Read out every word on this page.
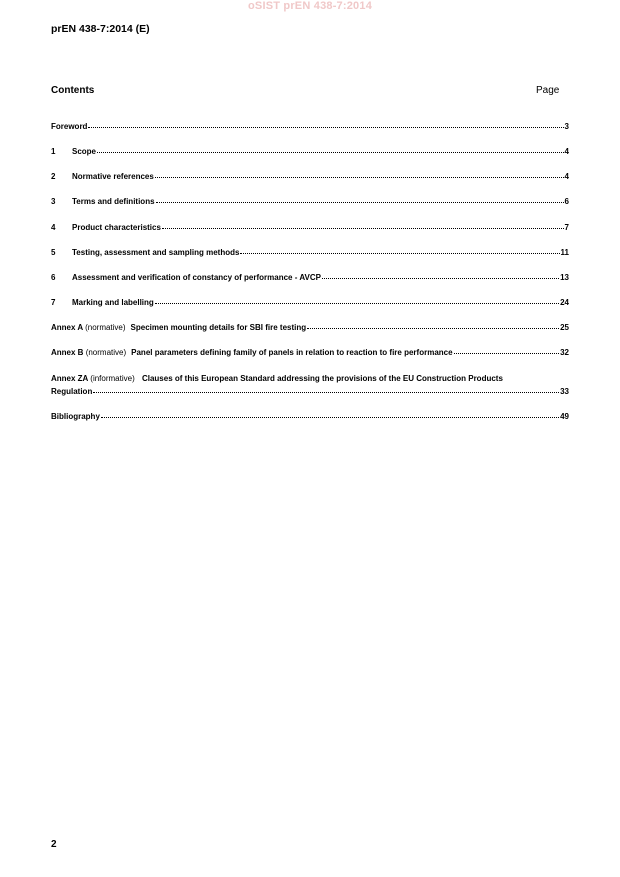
oSIST prEN 438-7:2014
prEN 438-7:2014 (E)
Contents	Page
Foreword	3
1	Scope	4
2	Normative references	4
3	Terms and definitions	6
4	Product characteristics	7
5	Testing, assessment and sampling methods	11
6	Assessment and verification of constancy of performance - AVCP	13
7	Marking and labelling	24
Annex A (normative) Specimen mounting details for SBI fire testing	25
Annex B (normative) Panel parameters defining family of panels in relation to reaction to fire performance	32
Annex ZA (informative) Clauses of this European Standard addressing the provisions of the EU Construction Products
Regulation	33
Bibliography	49
2
